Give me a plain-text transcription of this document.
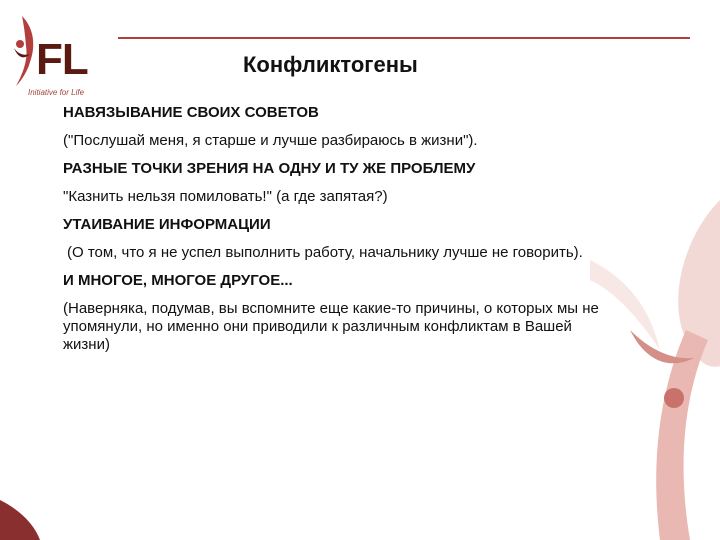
FL
Initiative for Life
Конфликтогены

НАВЯЗЫВАНИЕ СВОИХ СОВЕТОВ

("Послушай меня, я старше и лучше разбираюсь в жизни").

РАЗНЫЕ ТОЧКИ ЗРЕНИЯ НА ОДНУ И ТУ ЖЕ ПРОБЛЕМУ

"Казнить нельзя помиловать!" (а где запятая?)

УТАИВАНИЕ ИНФОРМАЦИИ

(О том, что я не успел выполнить работу, начальнику лучше не говорить).

И МНОГОЕ, МНОГОЕ ДРУГОЕ...

(Наверняка, подумав, вы вспомните еще какие-то причины, о которых мы не упомянули, но именно они приводили к различным конфликтам в Вашей жизни)
